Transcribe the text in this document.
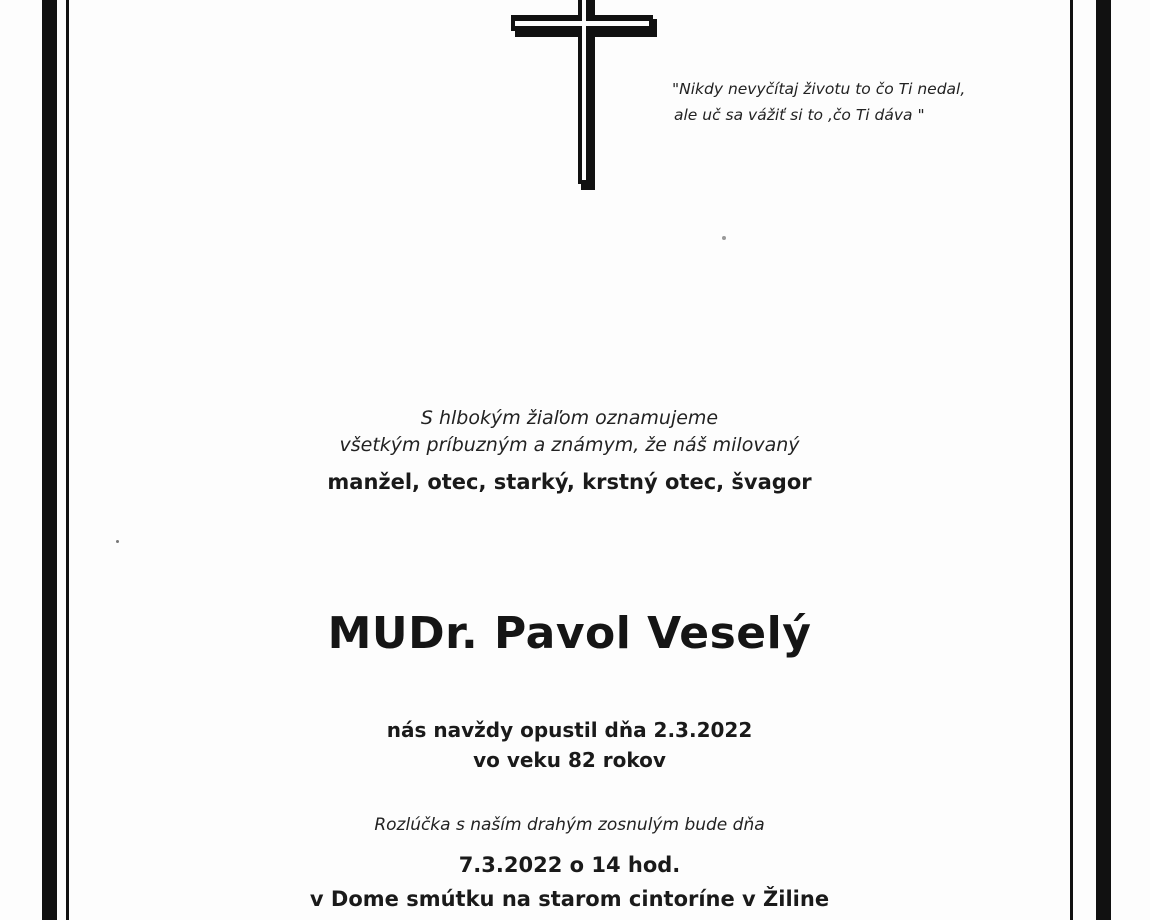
"Nikdy nevyčítaj životu to čo Ti nedal,
ale uč sa vážiť si to ,čo Ti dáva "
S hlbokým žiaľom oznamujeme
všetkým príbuzným a známym, že náš milovaný
manžel, otec, starký, krstný otec, švagor
MUDr. Pavol Veselý
nás navždy opustil dňa 2.3.2022
vo veku 82 rokov
Rozlúčka s naším drahým zosnulým bude dňa
7.3.2022 o 14 hod.
v Dome smútku na starom cintoríne v Žiline
